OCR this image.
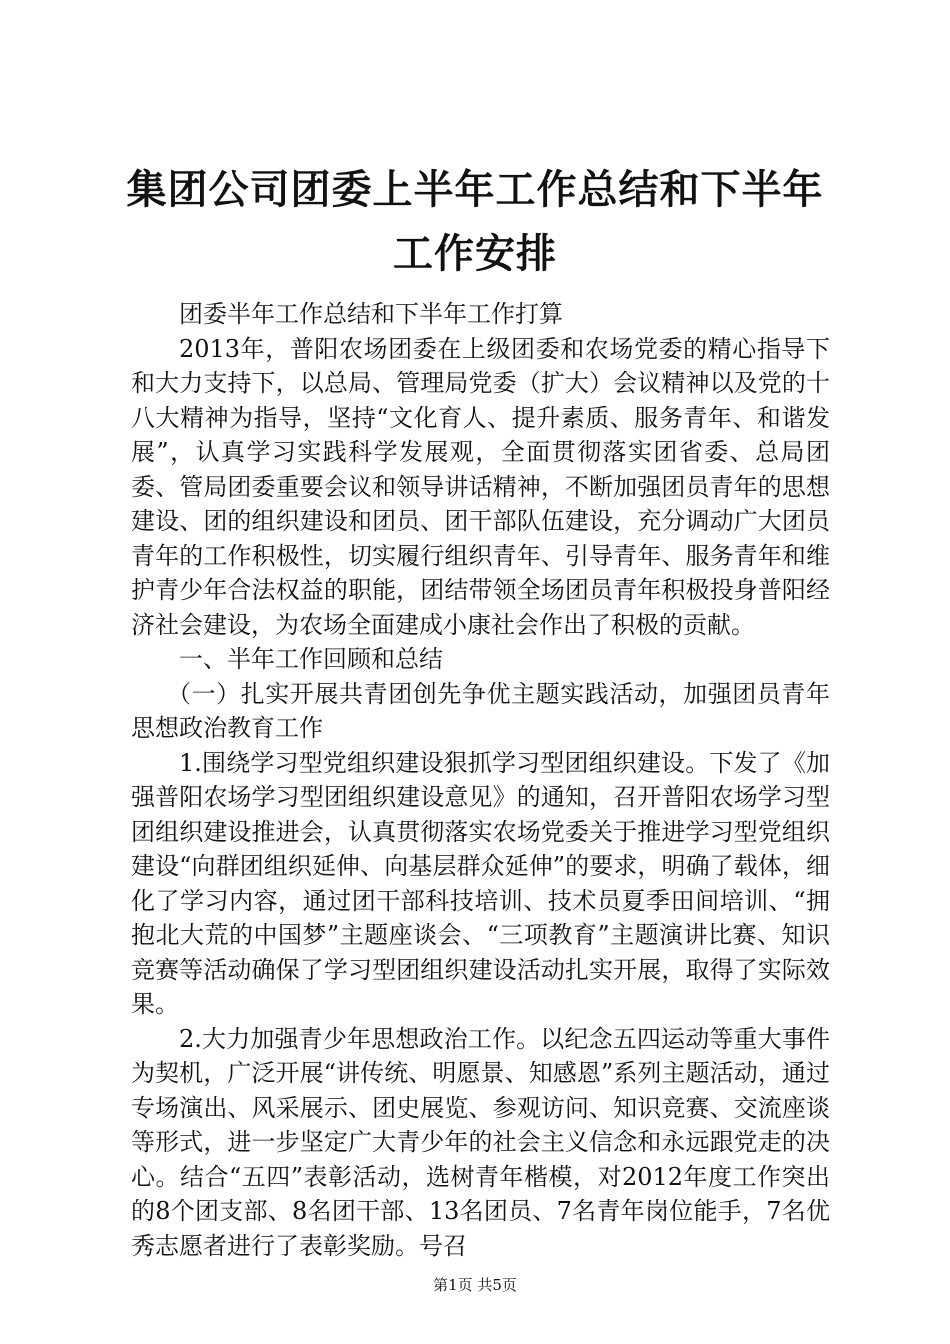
集团公司团委上半年工作总结和下半年工作安排

团委半年工作总结和下半年工作打算

2013年，普阳农场团委在上级团委和农场党委的精心指导下和大力支持下，以总局、管理局党委（扩大）会议精神以及党的十八大精神为指导，坚持“文化育人、提升素质、服务青年、和谐发展”，认真学习实践科学发展观，全面贯彻落实团省委、总局团委、管局团委重要会议和领导讲话精神，不断加强团员青年的思想建设、团的组织建设和团员、团干部队伍建设，充分调动广大团员青年的工作积极性，切实履行组织青年、引导青年、服务青年和维护青少年合法权益的职能，团结带领全场团员青年积极投身普阳经济社会建设，为农场全面建成小康社会作出了积极的贡献。

一、半年工作回顾和总结

（一）扎实开展共青团创先争优主题实践活动，加强团员青年思想政治教育工作

1.围绕学习型党组织建设狠抓学习型团组织建设。下发了《加强普阳农场学习型团组织建设意见》的通知，召开普阳农场学习型团组织建设推进会，认真贯彻落实农场党委关于推进学习型党组织建设“向群团组织延伸、向基层群众延伸”的要求，明确了载体，细化了学习内容，通过团干部科技培训、技术员夏季田间培训、“拥抱北大荒的中国梦”主题座谈会、“三项教育”主题演讲比赛、知识竞赛等活动确保了学习型团组织建设活动扎实开展，取得了实际效果。

2.大力加强青少年思想政治工作。以纪念五四运动等重大事件为契机，广泛开展“讲传统、明愿景、知感恩”系列主题活动，通过专场演出、风采展示、团史展览、参观访问、知识竞赛、交流座谈等形式，进一步坚定广大青少年的社会主义信念和永远跟党走的决心。结合“五四”表彰活动，选树青年楷模，对2012年度工作突出的8个团支部、8名团干部、13名团员、7名青年岗位能手，7名优秀志愿者进行了表彰奖励。号召

第1页 共5页
